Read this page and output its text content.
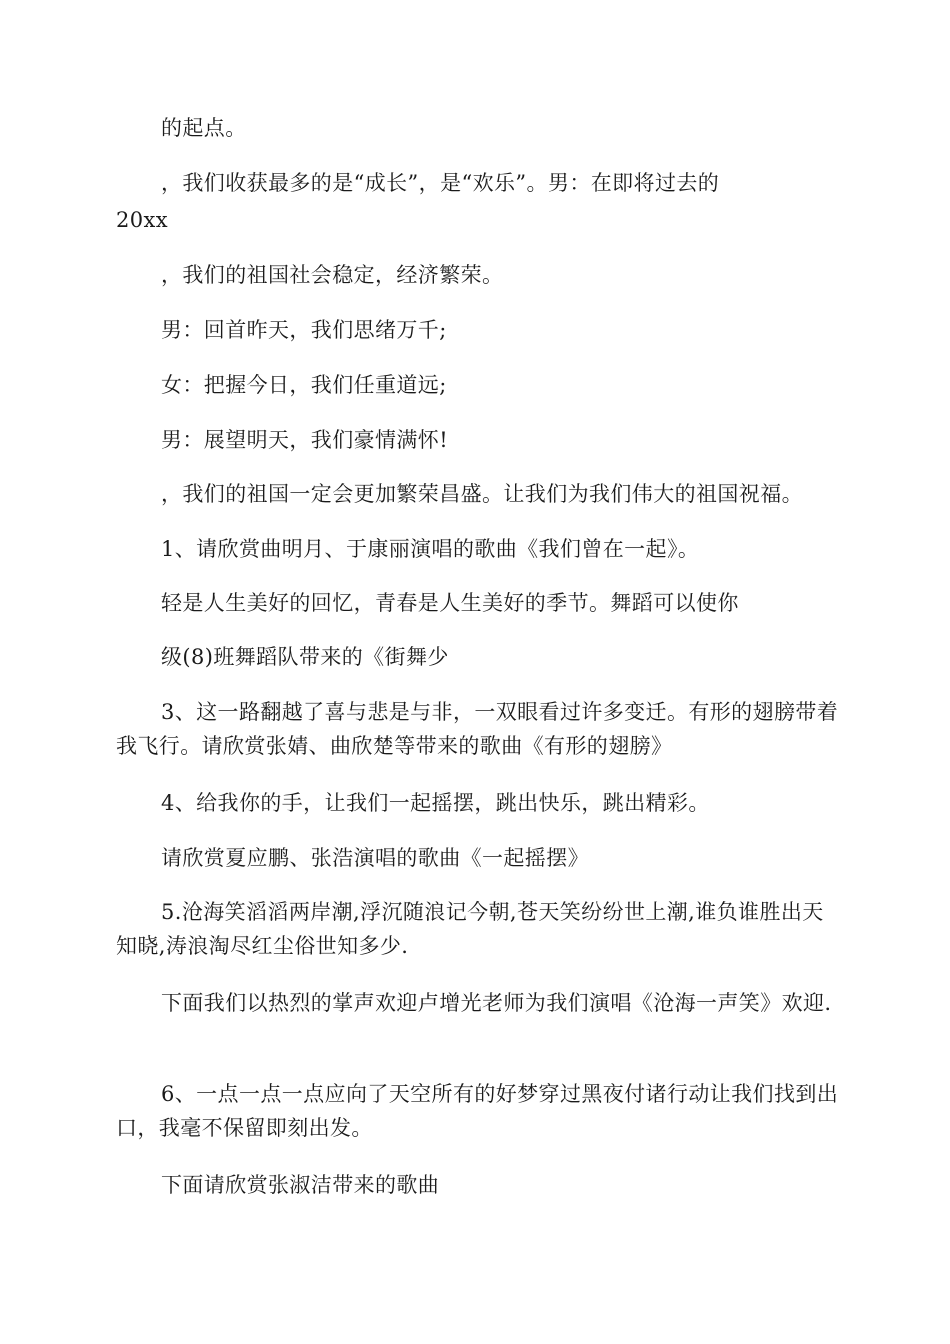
的起点。

，我们收获最多的是“成长”，是“欢乐”。男：在即将过去的

20xx

，我们的祖国社会稳定，经济繁荣。

男：回首昨天，我们思绪万千;

女：把握今日，我们任重道远;

男：展望明天，我们豪情满怀!

，我们的祖国一定会更加繁荣昌盛。让我们为我们伟大的祖国祝福。

1、请欣赏曲明月、于康丽演唱的歌曲《我们曾在一起》。

轻是人生美好的回忆，青春是人生美好的季节。舞蹈可以使你

级(8)班舞蹈队带来的《街舞少

3、这一路翻越了喜与悲是与非，一双眼看过许多变迁。有形的翅膀带着我飞行。请欣赏张婧、曲欣楚等带来的歌曲《有形的翅膀》

4、给我你的手，让我们一起摇摆，跳出快乐，跳出精彩。

请欣赏夏应鹏、张浩演唱的歌曲《一起摇摆》

5.沧海笑滔滔两岸潮,浮沉随浪记今朝,苍天笑纷纷世上潮,谁负谁胜出天知晓,涛浪淘尽红尘俗世知多少.

下面我们以热烈的掌声欢迎卢增光老师为我们演唱《沧海一声笑》欢迎.

6、一点一点一点应向了天空所有的好梦穿过黑夜付诸行动让我们找到出口，我毫不保留即刻出发。

下面请欣赏张淑洁带来的歌曲
